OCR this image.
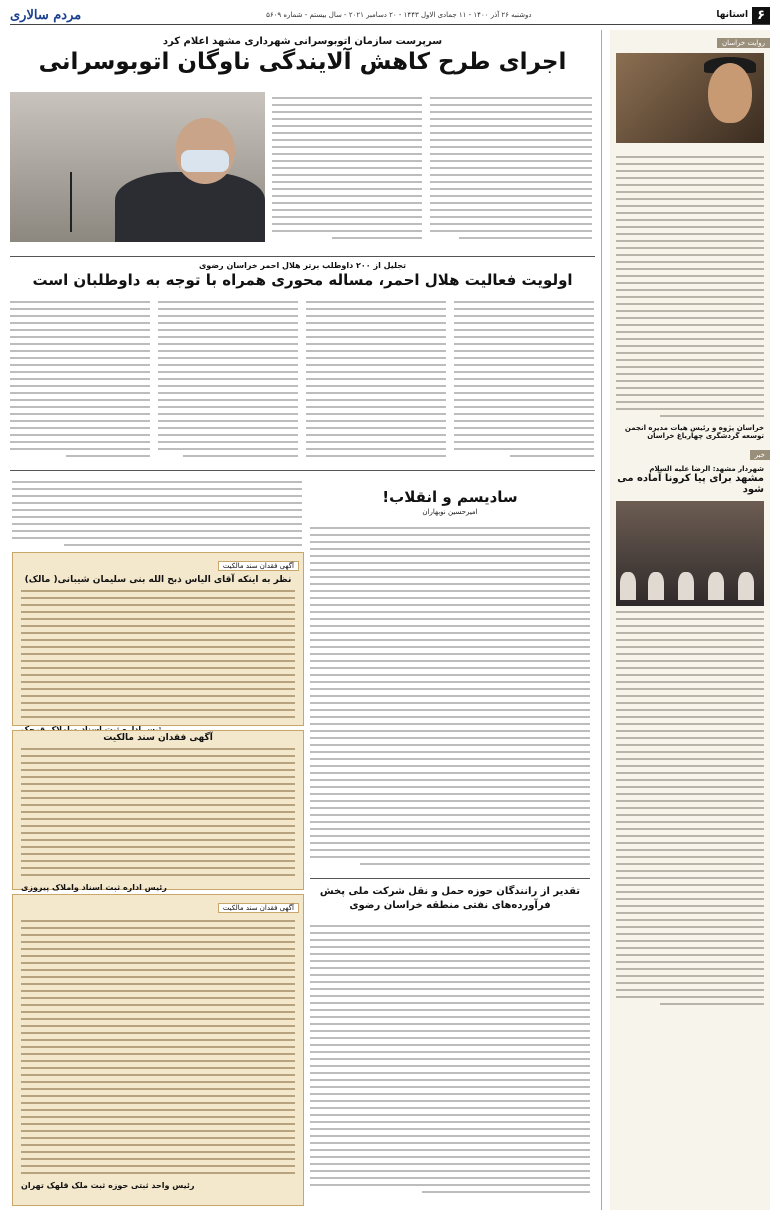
۶
استانها
دوشنبه ۲۶ آذر ۱۴۰۰ - ۱۱ جمادی الاول ۱۴۴۳ - ۲۰ دسامبر ۲۰۲۱ - سال بیستم - شماره ۵۶۰۹
مردم سالاری
روایت خراسان
خراسان پژوه و رئیس هیات مدیره انجمن توسعه گردشگری چهارباغ خراسان
خبر
شهردار مشهد: الرضا علیه السلام
مشهد برای پیا کرونا آماده می شود
سرپرست سازمان اتوبوسرانی شهرداری مشهد اعلام کرد
اجرای طرح کاهش آلایندگی ناوگان اتوبوسرانی
تجلیل از ۲۰۰ داوطلب برتر هلال احمر خراسان رضوی
اولویت فعالیت هلال احمر، مساله محوری همراه با توجه به داوطلبان است
آگهی فقدان سند مالکیت
نظر به اینکه آقای الیاس ذبح الله بنی سلیمان شیبانی( مالک)
آگهی فقدان سند مالکیت
رئیس اداره ثبت اسناد واملاک پیروزی
آگهی فقدان سند مالکیت
رئیس واحد ثبتی حوزه ثبت ملک قلهک تهران
سادیسم و انقلاب!
امیرحسین نوبهاران
تقدیر از رانندگان حوزه حمل و نقل شرکت ملی پخش فرآورده‌های نفتی منطقه خراسان رضوی
